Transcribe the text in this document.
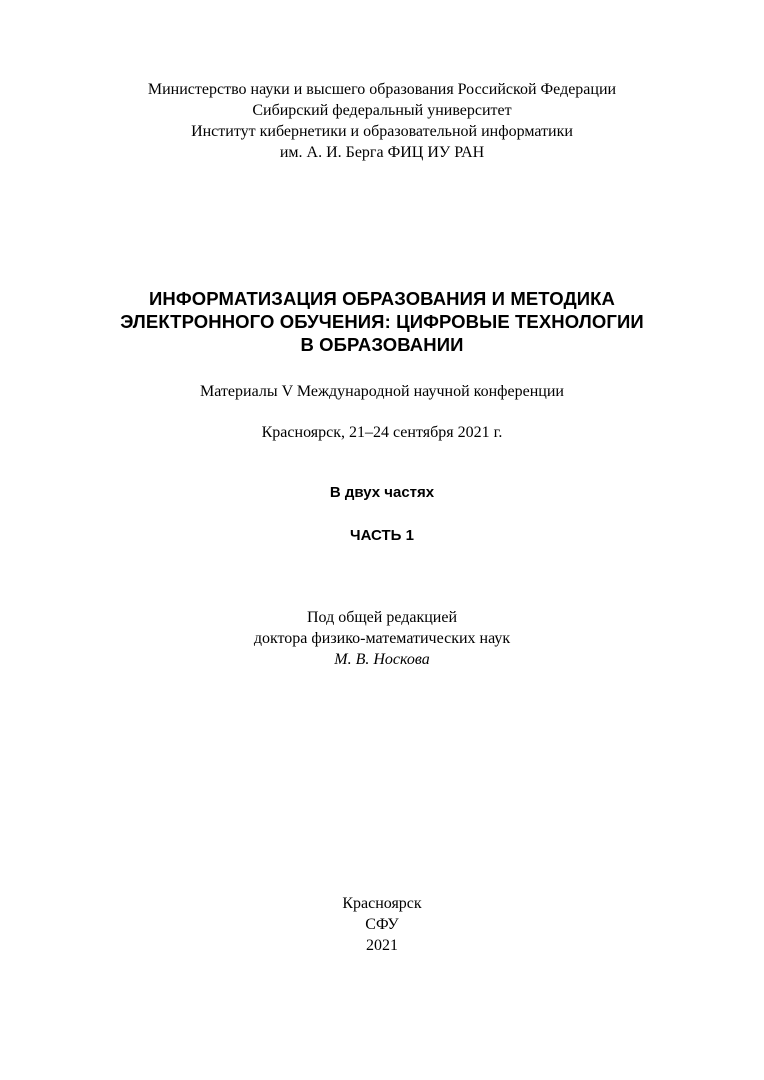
Министерство науки и высшего образования Российской Федерации
Сибирский федеральный университет
Институт кибернетики и образовательной информатики
им. А. И. Берга ФИЦ ИУ РАН
ИНФОРМАТИЗАЦИЯ ОБРАЗОВАНИЯ И МЕТОДИКА
ЭЛЕКТРОННОГО ОБУЧЕНИЯ: ЦИФРОВЫЕ ТЕХНОЛОГИИ
В ОБРАЗОВАНИИ
Материалы V Международной научной конференции
Красноярск, 21–24 сентября 2021 г.
В двух частях
ЧАСТЬ 1
Под общей редакцией
доктора физико-математических наук
М. В. Носкова
Красноярск
СФУ
2021
